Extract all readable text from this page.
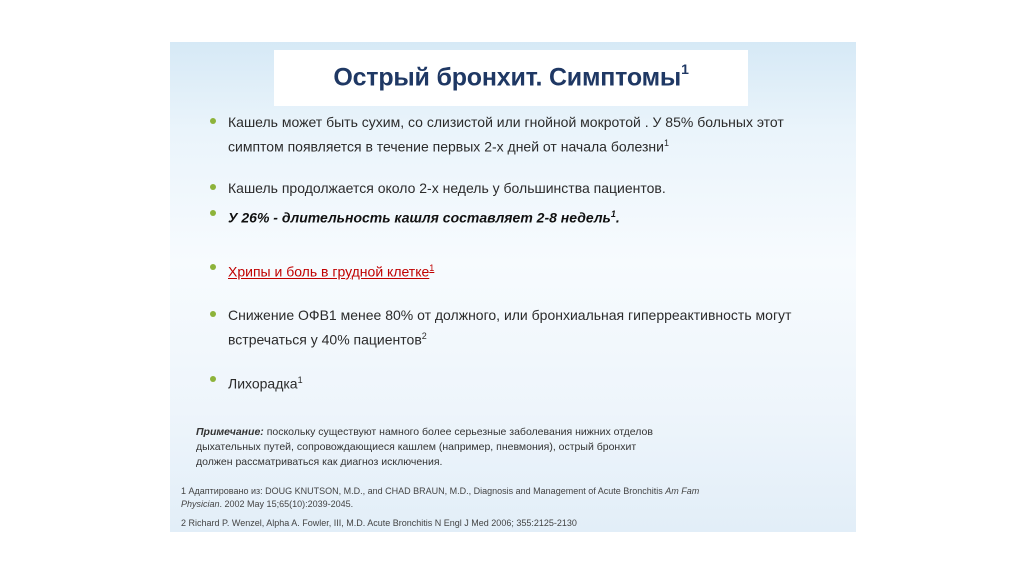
Острый бронхит. Симптомы$^1$
Кашель может быть сухим, со слизистой или гнойной мокротой . У 85% больных этот
симптом появляется в течение первых 2-х дней от начала болезни$^1$
Кашель продолжается около 2-х недель у большинства пациентов.
У 26% - длительность кашля составляет 2-8 недель$^1$.
Хрипы и боль в грудной клетке$^1$
Снижение ОФВ1 менее 80% от должного, или бронхиальная гиперреактивность могут
встречаться у 40% пациентов$^2$
Лихорадка$^1$
Примечание: поскольку существуют намного более серьезные заболевания нижних отделов
дыхательных путей, сопровождающиеся кашлем (например, пневмония), острый бронхит
должен рассматриваться как диагноз исключения.
1 Адаптировано из: DOUG KNUTSON, M.D., and CHAD BRAUN, M.D., Diagnosis and Management of Acute Bronchitis Am Fam
Physician. 2002 May 15;65(10):2039-2045.
2 Richard P. Wenzel, Alpha A. Fowler, III, M.D. Acute Bronchitis N Engl J Med 2006; 355:2125-2130
